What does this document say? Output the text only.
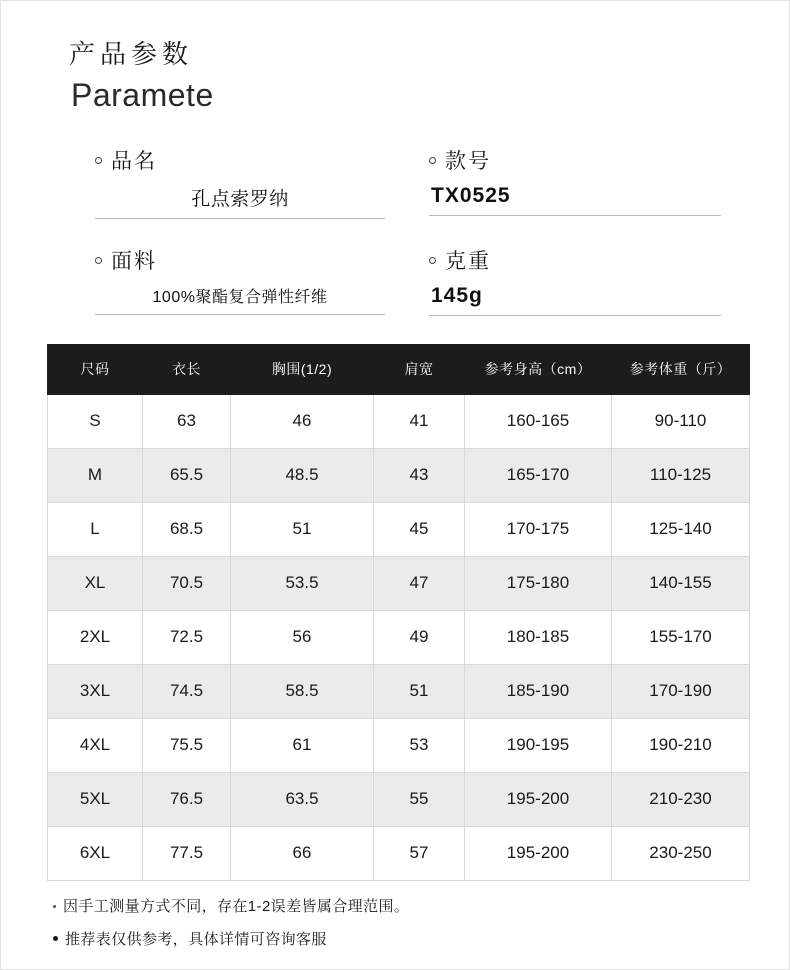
产品参数
Paramete
品名
孔点索罗纳
款号
TX0525
面料
100%聚酯复合弹性纤维
克重
145g
尺码	衣长	胸围(1/2)	肩宽	参考身高（cm）	参考体重（斤）
S	63	46	41	160-165	90-110
M	65.5	48.5	43	165-170	110-125
L	68.5	51	45	170-175	125-140
XL	70.5	53.5	47	175-180	140-155
2XL	72.5	56	49	180-185	155-170
3XL	74.5	58.5	51	185-190	170-190
4XL	75.5	61	53	190-195	190-210
5XL	76.5	63.5	55	195-200	210-230
6XL	77.5	66	57	195-200	230-250
因手工测量方式不同，存在1-2误差皆属合理范围。
推荐表仅供参考，具体详情可咨询客服
